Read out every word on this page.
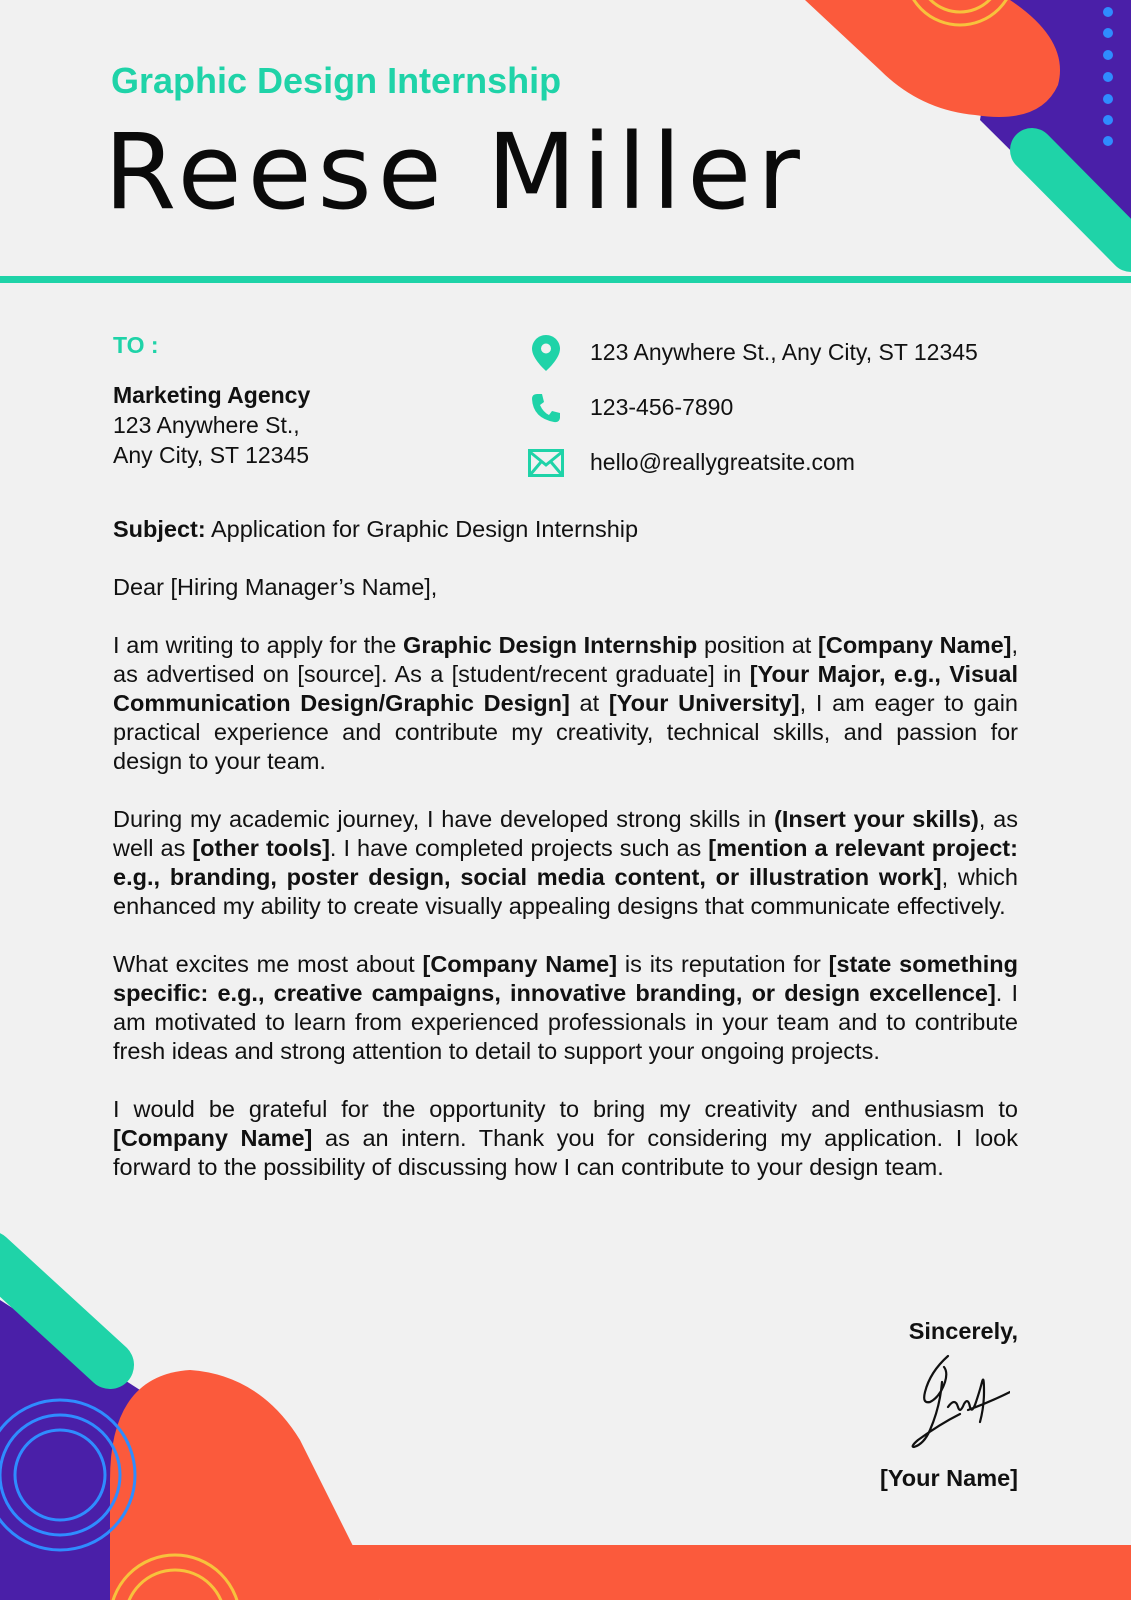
Graphic Design Internship
Reese Miller
TO :
Marketing Agency
123 Anywhere St.,
Any City, ST 12345
123 Anywhere St., Any City, ST 12345
123-456-7890
hello@reallygreatsite.com

Subject: Application for Graphic Design Internship

Dear [Hiring Manager’s Name],

I am writing to apply for the Graphic Design Internship position at [Company Name], as advertised on [source]. As a [student/recent graduate] in [Your Major, e.g., Visual Communication Design/Graphic Design] at [Your University], I am eager to gain practical experience and contribute my creativity, technical skills, and passion for design to your team.

During my academic journey, I have developed strong skills in (Insert your skills), as well as [other tools]. I have completed projects such as [mention a relevant project: e.g., branding, poster design, social media content, or illustration work], which enhanced my ability to create visually appealing designs that communicate effectively.

What excites me most about [Company Name] is its reputation for [state something specific: e.g., creative campaigns, innovative branding, or design excellence]. I am motivated to learn from experienced professionals in your team and to contribute fresh ideas and strong attention to detail to support your ongoing projects.

I would be grateful for the opportunity to bring my creativity and enthusiasm to [Company Name] as an intern. Thank you for considering my application. I look forward to the possibility of discussing how I can contribute to your design team.

Sincerely,
[Your Name]
